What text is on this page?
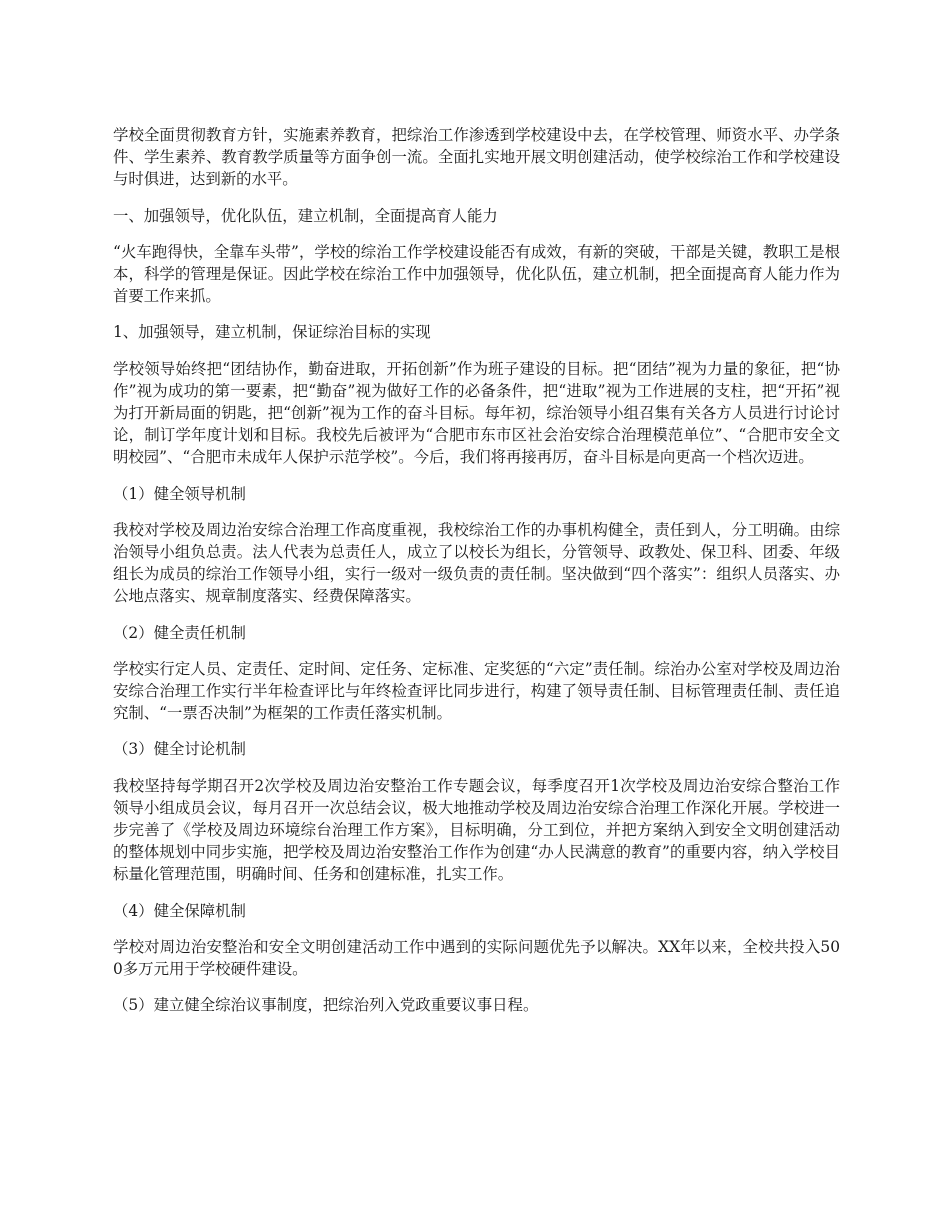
学校全面贯彻教育方针，实施素养教育，把综治工作渗透到学校建设中去，在学校管理、师资水平、办学条件、学生素养、教育教学质量等方面争创一流。全面扎实地开展文明创建活动，使学校综治工作和学校建设与时俱进，达到新的水平。

一、加强领导，优化队伍，建立机制，全面提高育人能力

“火车跑得快，全靠车头带”，学校的综治工作学校建设能否有成效，有新的突破，干部是关键，教职工是根本，科学的管理是保证。因此学校在综治工作中加强领导，优化队伍，建立机制，把全面提高育人能力作为首要工作来抓。

1、加强领导，建立机制，保证综治目标的实现

学校领导始终把“团结协作，勤奋进取，开拓创新”作为班子建设的目标。把“团结”视为力量的象征，把“协作”视为成功的第一要素，把“勤奋”视为做好工作的必备条件，把“进取”视为工作进展的支柱，把“开拓”视为打开新局面的钥匙，把“创新”视为工作的奋斗目标。每年初，综治领导小组召集有关各方人员进行讨论讨论，制订学年度计划和目标。我校先后被评为“合肥市东市区社会治安综合治理模范单位”、“合肥市安全文明校园”、“合肥市未成年人保护示范学校”。今后，我们将再接再厉，奋斗目标是向更高一个档次迈进。

（1）健全领导机制

我校对学校及周边治安综合治理工作高度重视，我校综治工作的办事机构健全，责任到人，分工明确。由综治领导小组负总责。法人代表为总责任人，成立了以校长为组长，分管领导、政教处、保卫科、团委、年级组长为成员的综治工作领导小组，实行一级对一级负责的责任制。坚决做到“四个落实”：组织人员落实、办公地点落实、规章制度落实、经费保障落实。

（2）健全责任机制

学校实行定人员、定责任、定时间、定任务、定标准、定奖惩的“六定”责任制。综治办公室对学校及周边治安综合治理工作实行半年检查评比与年终检查评比同步进行，构建了领导责任制、目标管理责任制、责任追究制、“一票否决制”为框架的工作责任落实机制。

（3）健全讨论机制

我校坚持每学期召开2次学校及周边治安整治工作专题会议，每季度召开1次学校及周边治安综合整治工作领导小组成员会议，每月召开一次总结会议，极大地推动学校及周边治安综合治理工作深化开展。学校进一步完善了《学校及周边环境综台治理工作方案》，目标明确，分工到位，并把方案纳入到安全文明创建活动的整体规划中同步实施，把学校及周边治安整治工作作为创建“办人民满意的教育”的重要内容，纳入学校目标量化管理范围，明确时间、任务和创建标准，扎实工作。

（4）健全保障机制

学校对周边治安整治和安全文明创建活动工作中遇到的实际问题优先予以解决。XX年以来，全校共投入500多万元用于学校硬件建设。

（5）建立健全综治议事制度，把综治列入党政重要议事日程。
